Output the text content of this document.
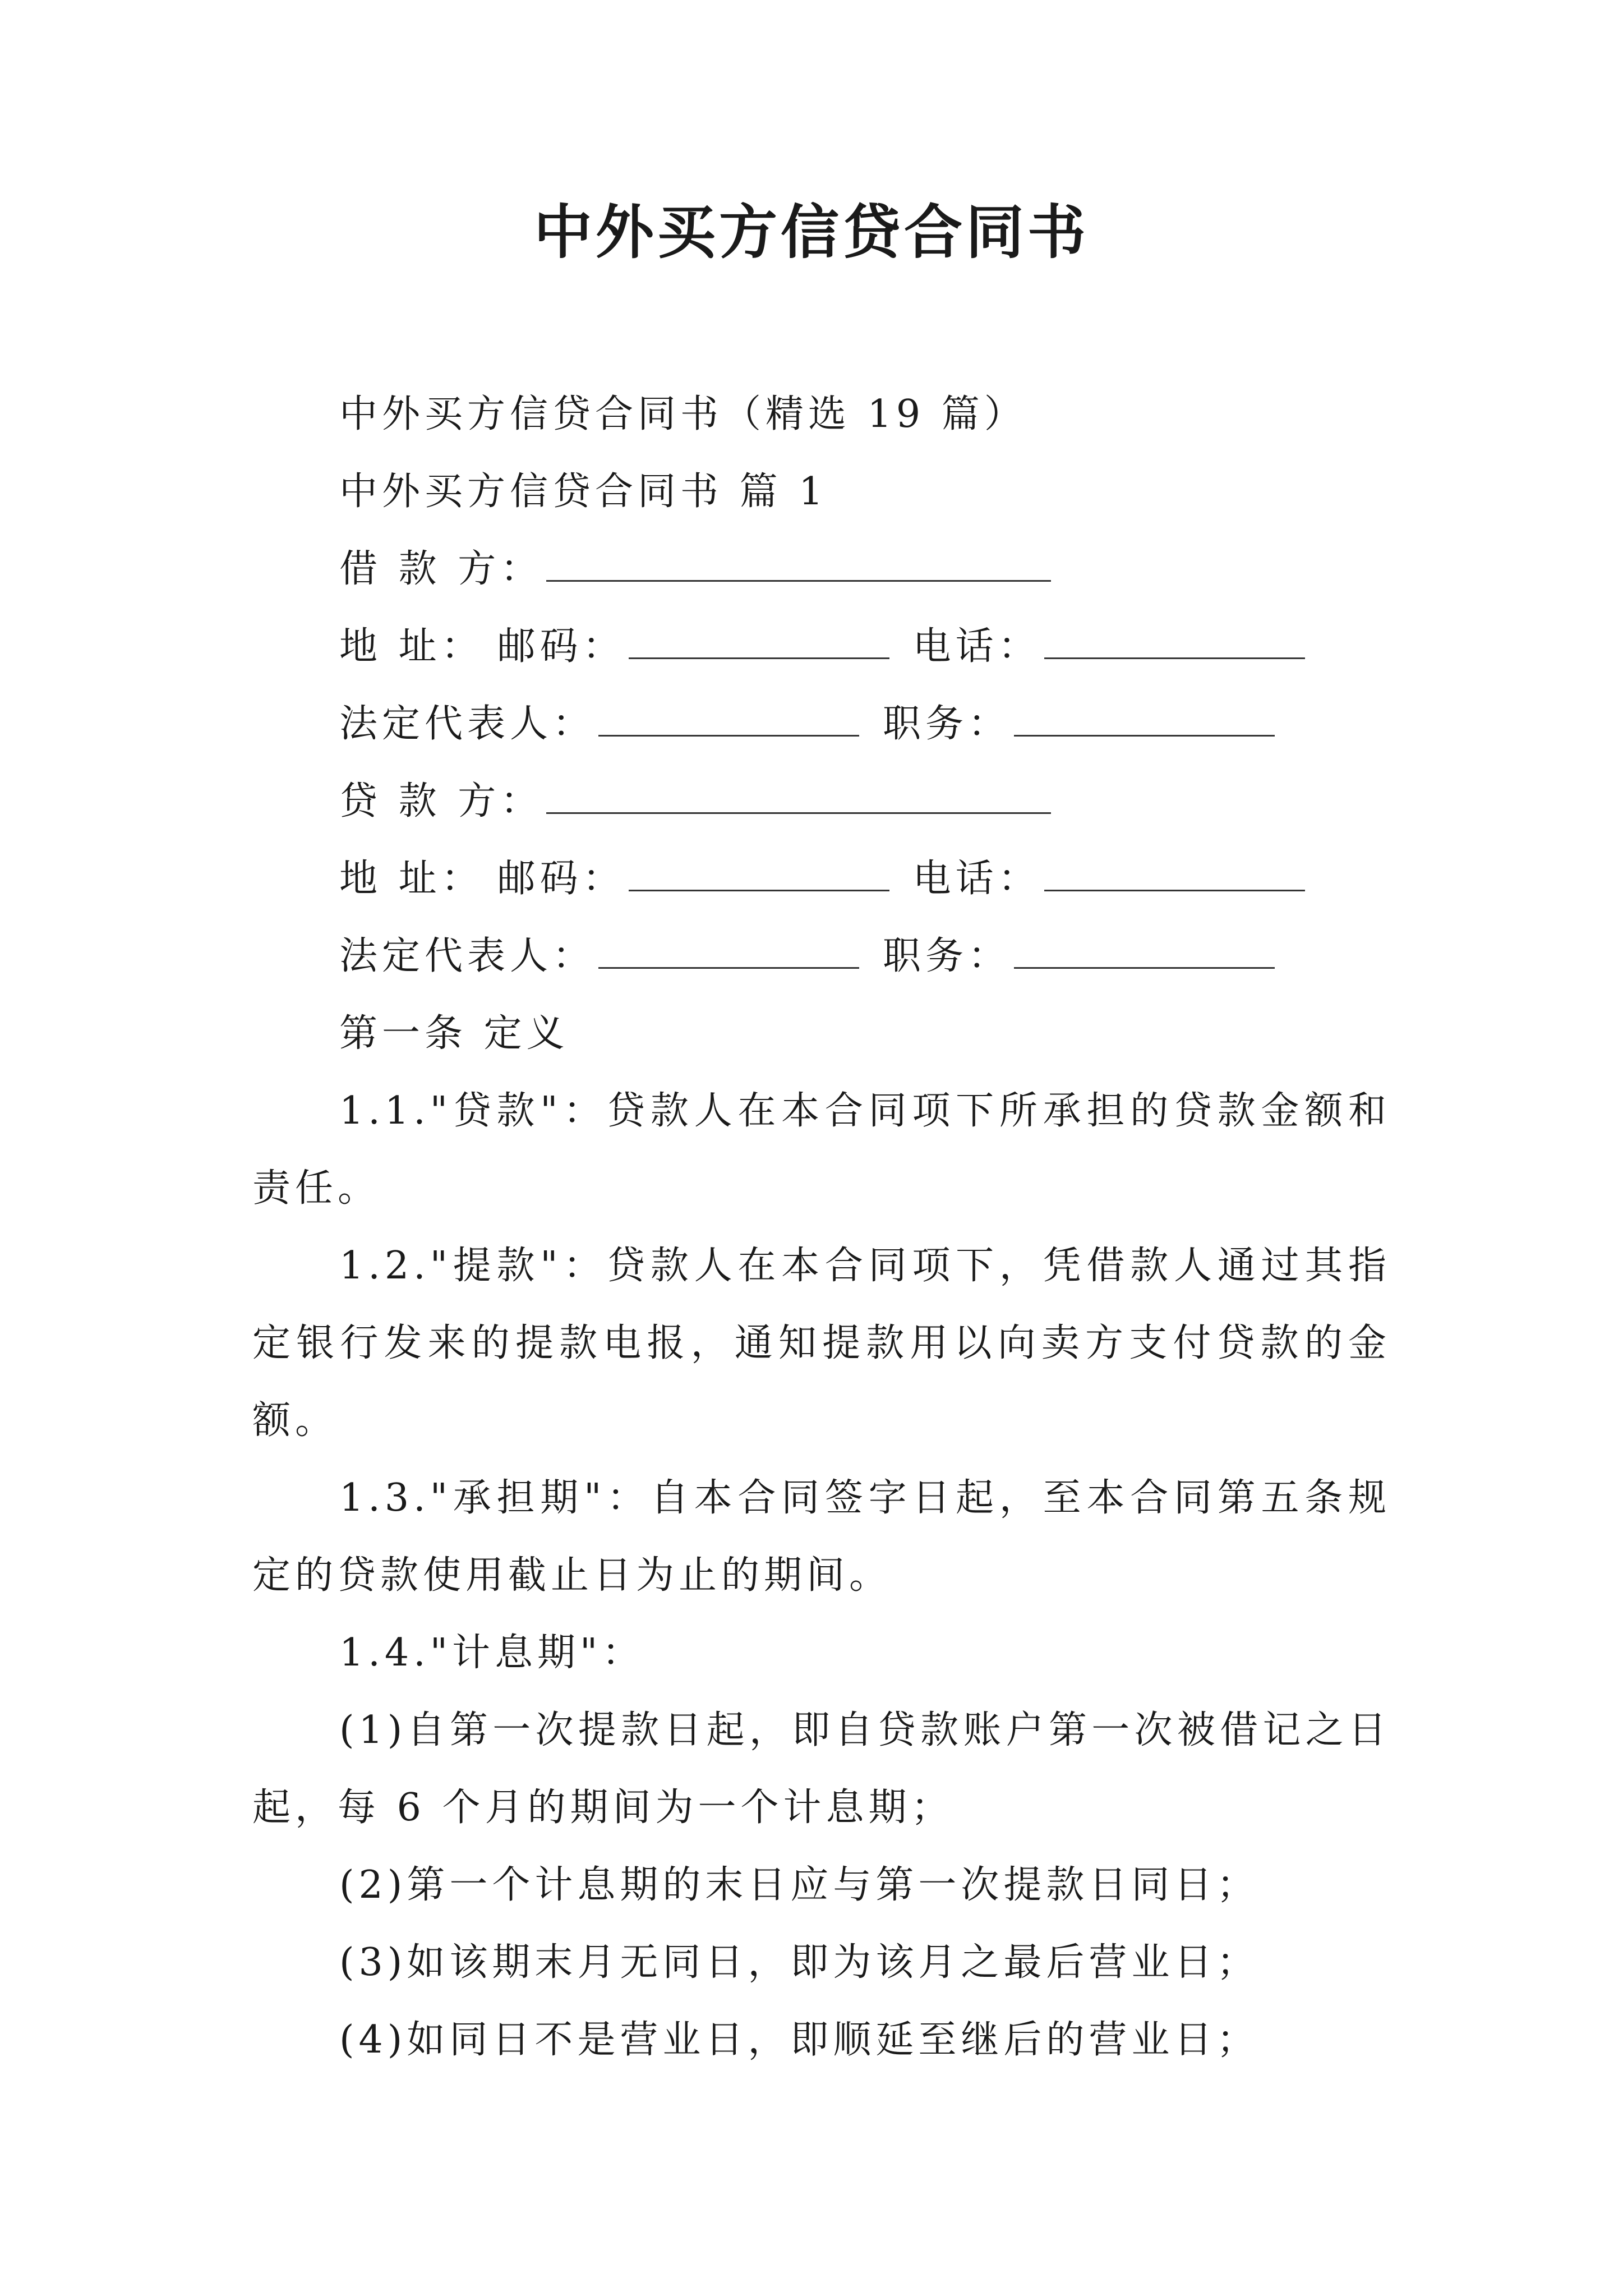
中外买方信贷合同书
中外买方信贷合同书（精选 19 篇）
中外买方信贷合同书 篇 1
借 款 方：
地 址： 邮码：	电话：
法定代表人：	职务：
贷 款 方：
地 址： 邮码：	电话：
法定代表人：	职务：
第一条 定义
1.1."贷款"：贷款人在本合同项下所承担的贷款金额和责任。
1.2."提款"：贷款人在本合同项下，凭借款人通过其指定银行发来的提款电报，通知提款用以向卖方支付贷款的金额。
1.3."承担期"：自本合同签字日起，至本合同第五条规定的贷款使用截止日为止的期间。
1.4."计息期"：
(1)自第一次提款日起，即自贷款账户第一次被借记之日起，每 6 个月的期间为一个计息期；
(2)第一个计息期的末日应与第一次提款日同日；
(3)如该期末月无同日，即为该月之最后营业日；
(4)如同日不是营业日，即顺延至继后的营业日；
